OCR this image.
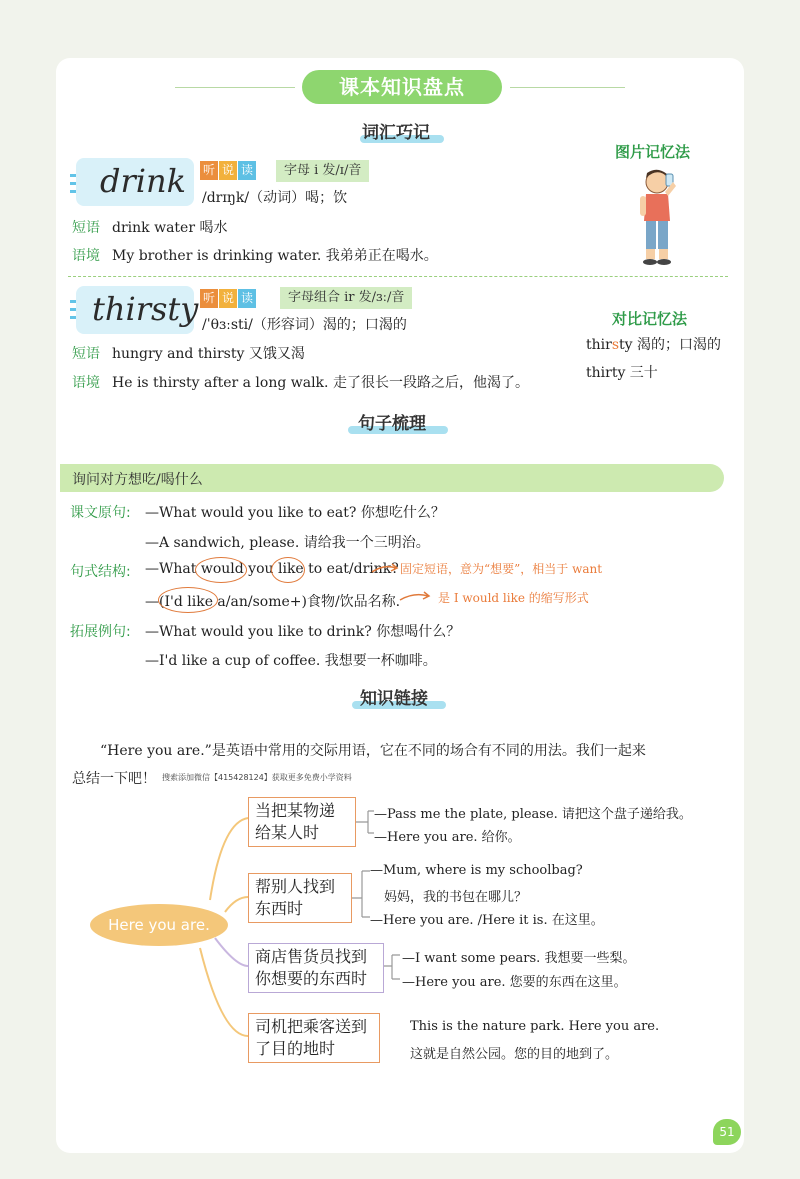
课本知识盘点
词汇巧记
drink 听 说 读	字母 i 发/ɪ/音
/drɪŋk/（动词）喝；饮
短语 drink water 喝水
语境 My brother is drinking water. 我弟弟正在喝水。
图片记忆法
thirsty 听 说 读	字母组合 ir 发/ɜː/音
/ˈθɜːsti/（形容词）渴的；口渴的
短语 hungry and thirsty 又饿又渴
语境 He is thirsty after a long walk. 走了很长一段路之后，他渴了。
对比记忆法
thirsty 渴的；口渴的
thirty 三十
句子梳理
询问对方想吃/喝什么
课文原句: —What would you like to eat? 你想吃什么？
—A sandwich, please. 请给我一个三明治。
句式结构: —What would you like to eat/drink? 固定短语，意为“想要”，相当于 want
—(I'd like a/an/some+)食物/饮品名称.	是 I would like 的缩写形式
拓展例句: —What would you like to drink? 你想喝什么？
—I'd like a cup of coffee. 我想要一杯咖啡。
知识链接
“Here you are.”是英语中常用的交际用语，它在不同的场合有不同的用法。我们一起来
总结一下吧！ 搜索添加微信【415428124】获取更多免费小学资料
Here you are.
当把某物递给某人时
—Pass me the plate, please. 请把这个盘子递给我。
—Here you are. 给你。
帮别人找到东西时
—Mum, where is my schoolbag?
妈妈，我的书包在哪儿？
—Here you are. /Here it is. 在这里。
商店售货员找到你想要的东西时
—I want some pears. 我想要一些梨。
—Here you are. 您要的东西在这里。
司机把乘客送到了目的地时
This is the nature park. Here you are.
这就是自然公园。您的目的地到了。
51
